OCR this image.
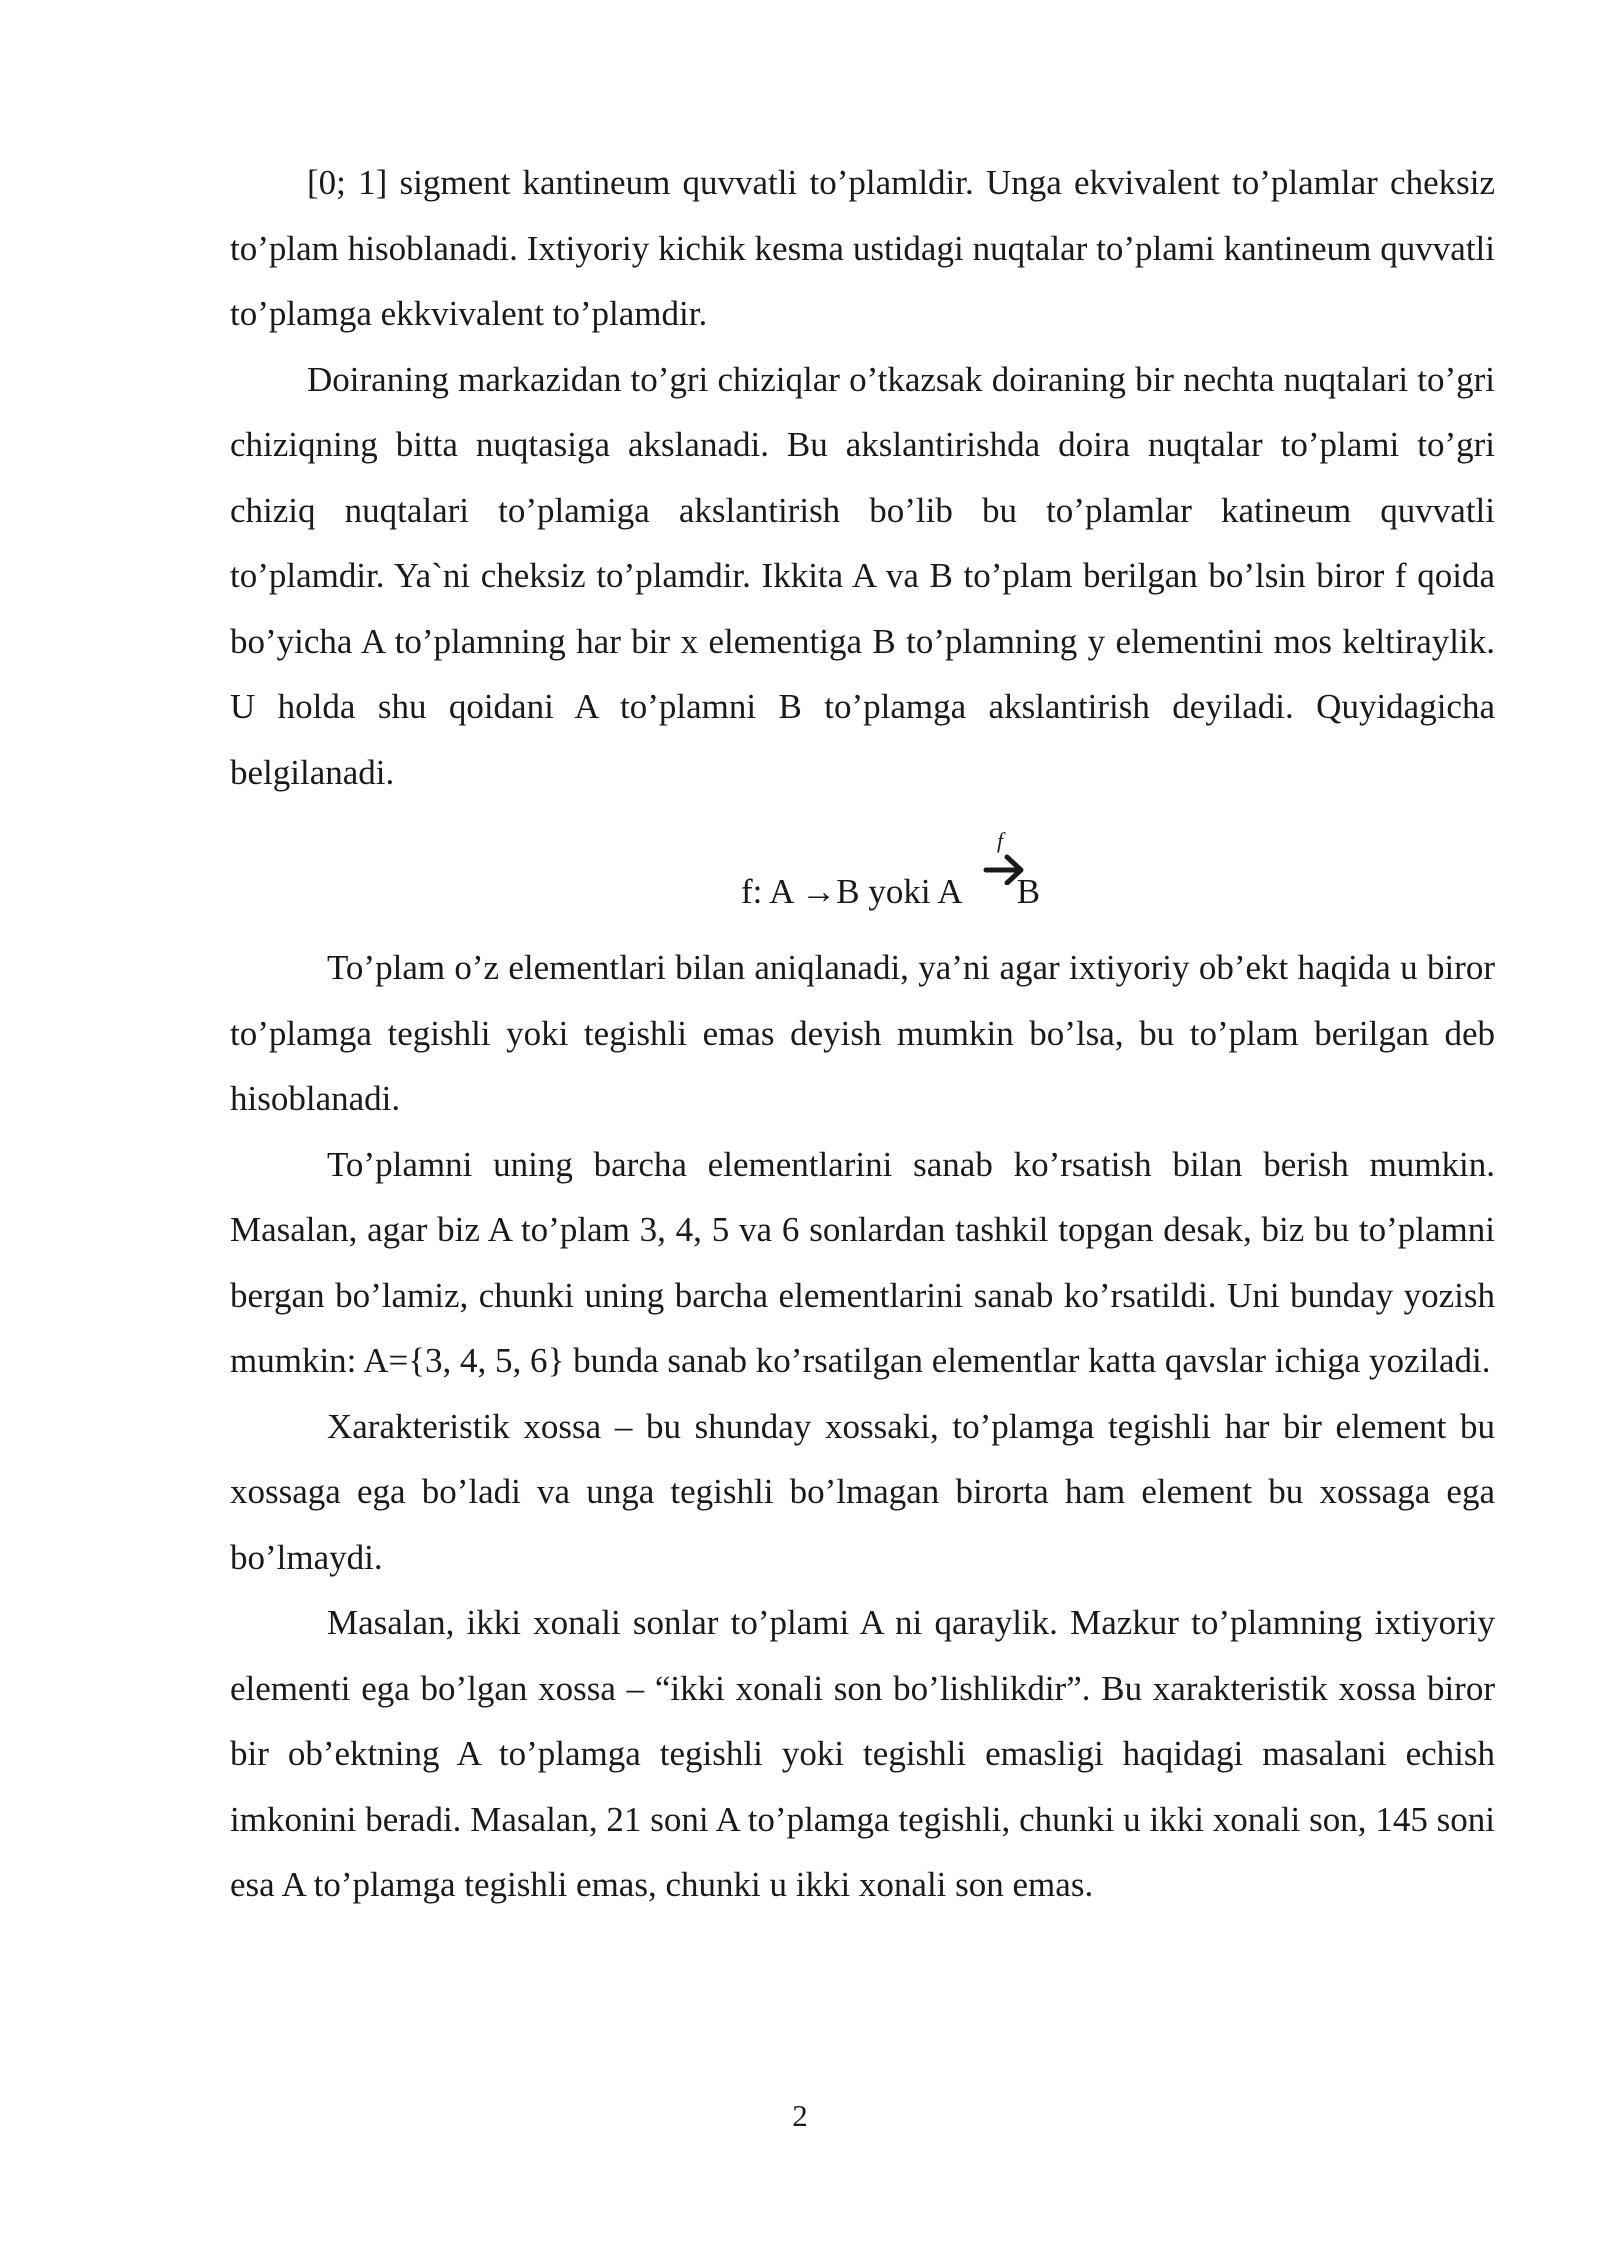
[0; 1] sigment kantineum quvvatli to’plamldir. Unga ekvivalent to’plamlar cheksiz to’plam hisoblanadi. Ixtiyoriy kichik kesma ustidagi nuqtalar to’plami kantineum quvvatli to’plamga ekkvivalent to’plamdir.

Doiraning markazidan to’gri chiziqlar o’tkazsak doiraning bir nechta nuqtalari to’gri chiziqning bitta nuqtasiga akslanadi. Bu akslantirishda doira nuqtalar to’plami to’gri chiziq nuqtalari to’plamiga akslantirish bo’lib bu to’plamlar katineum quvvatli to’plamdir. Ya`ni cheksiz to’plamdir. Ikkita A va B to’plam berilgan bo’lsin biror f qoida bo’yicha A to’plamning har bir x elementiga B to’plamning y elementini mos keltiraylik. U holda shu qoidani A to’plamni B to’plamga akslantirish deyiladi. Quyidagicha belgilanadi.

f
f: A →B yoki A B

To’plam o’z elementlari bilan aniqlanadi, ya’ni agar ixtiyoriy ob’ekt haqida u biror to’plamga tegishli yoki tegishli emas deyish mumkin bo’lsa, bu to’plam berilgan deb hisoblanadi.

To’plamni uning barcha elementlarini sanab ko’rsatish bilan berish mumkin. Masalan, agar biz A to’plam 3, 4, 5 va 6 sonlardan tashkil topgan desak, biz bu to’plamni bergan bo’lamiz, chunki uning barcha elementlarini sanab ko’rsatildi. Uni bunday yozish mumkin: A={3, 4, 5, 6} bunda sanab ko’rsatilgan elementlar katta qavslar ichiga yoziladi.

Xarakteristik xossa – bu shunday xossaki, to’plamga tegishli har bir element bu xossaga ega bo’ladi va unga tegishli bo’lmagan birorta ham element bu xossaga ega bo’lmaydi.

Masalan, ikki xonali sonlar to’plami A ni qaraylik. Mazkur to’plamning ixtiyoriy elementi ega bo’lgan xossa – “ikki xonali son bo’lishlikdir”. Bu xarakteristik xossa biror bir ob’ektning A to’plamga tegishli yoki tegishli emasligi haqidagi masalani echish imkonini beradi. Masalan, 21 soni A to’plamga tegishli, chunki u ikki xonali son, 145 soni esa A to’plamga tegishli emas, chunki u ikki xonali son emas.

2
